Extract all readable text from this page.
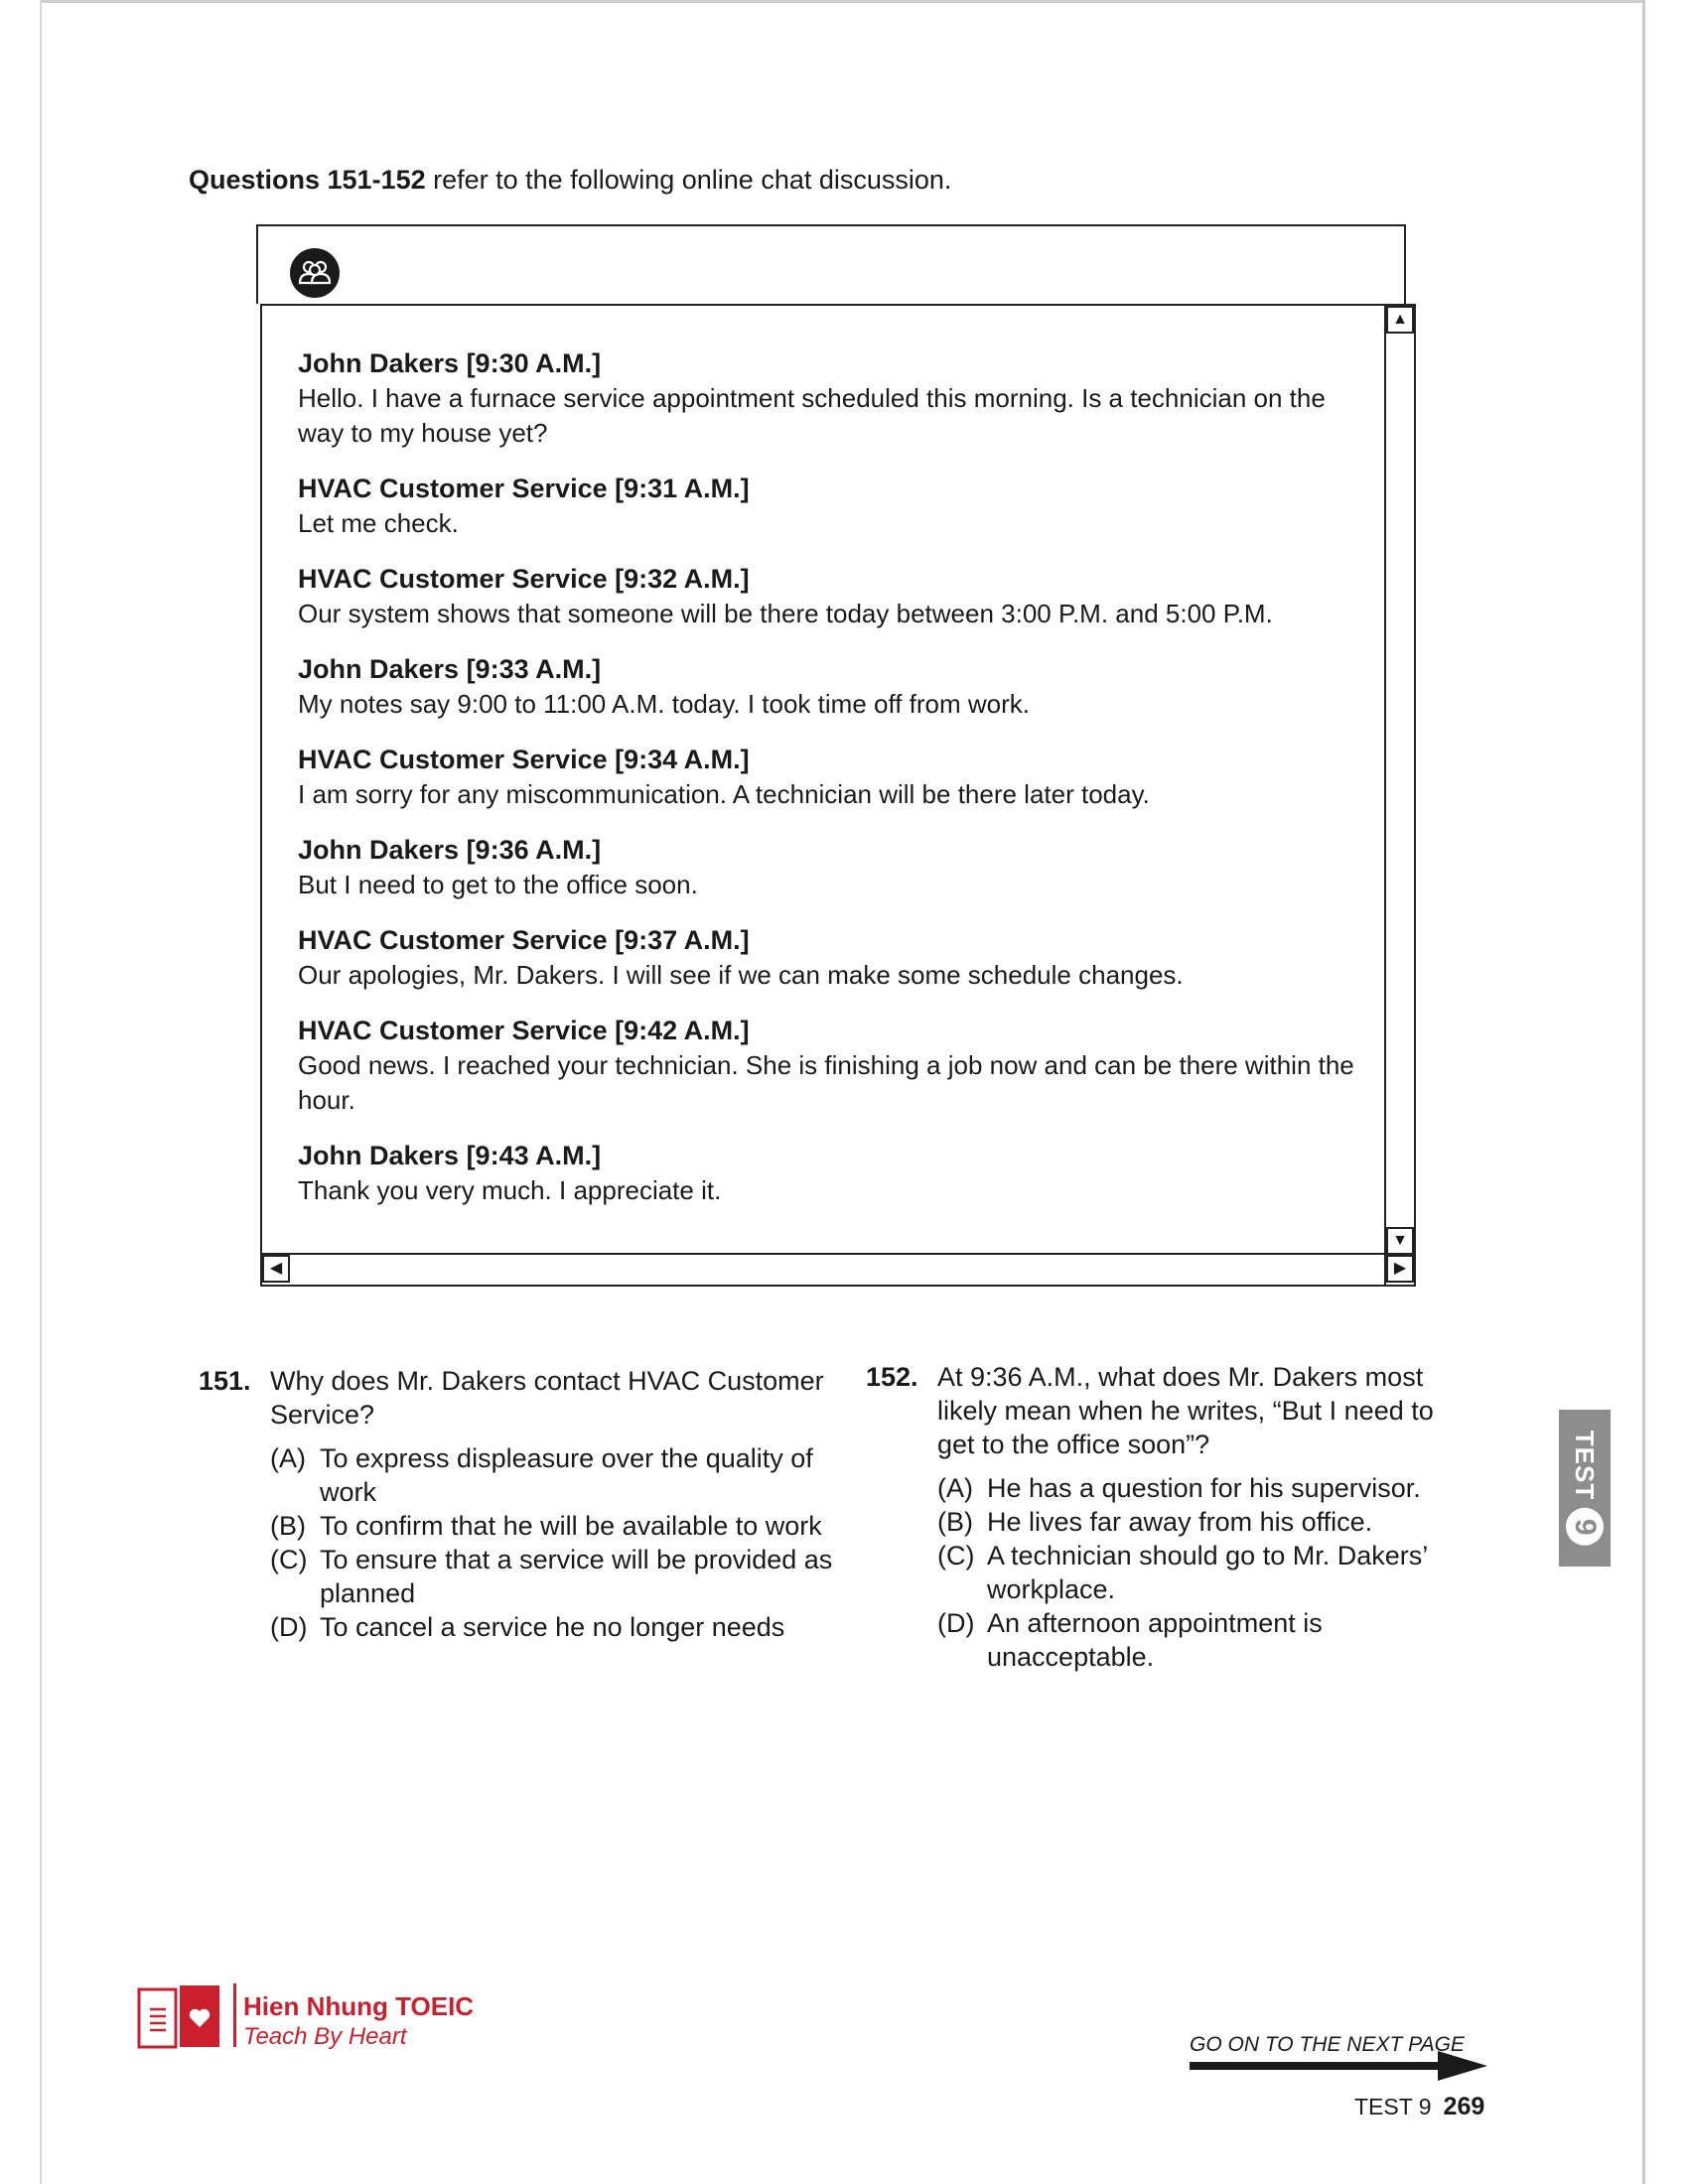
Questions 151-152 refer to the following online chat discussion.
John Dakers [9:30 A.M.]
Hello. I have a furnace service appointment scheduled this morning. Is a technician on the way to my house yet?
HVAC Customer Service [9:31 A.M.]
Let me check.
HVAC Customer Service [9:32 A.M.]
Our system shows that someone will be there today between 3:00 P.M. and 5:00 P.M.
John Dakers [9:33 A.M.]
My notes say 9:00 to 11:00 A.M. today. I took time off from work.
HVAC Customer Service [9:34 A.M.]
I am sorry for any miscommunication. A technician will be there later today.
John Dakers [9:36 A.M.]
But I need to get to the office soon.
HVAC Customer Service [9:37 A.M.]
Our apologies, Mr. Dakers. I will see if we can make some schedule changes.
HVAC Customer Service [9:42 A.M.]
Good news. I reached your technician. She is finishing a job now and can be there within the hour.
John Dakers [9:43 A.M.]
Thank you very much. I appreciate it.
▲
▼
◀	▶
151. Why does Mr. Dakers contact HVAC Customer Service?
(A) To express displeasure over the quality of work
(B) To confirm that he will be available to work
(C) To ensure that a service will be provided as planned
(D) To cancel a service he no longer needs
152. At 9:36 A.M., what does Mr. Dakers most likely mean when he writes, “But I need to get to the office soon”?
(A) He has a question for his supervisor.
(B) He lives far away from his office.
(C) A technician should go to Mr. Dakers’ workplace.
(D) An afternoon appointment is unacceptable.
TEST
9
Hien Nhung TOEIC
Teach By Heart	GO ON TO THE NEXT PAGE
TEST 9 269
